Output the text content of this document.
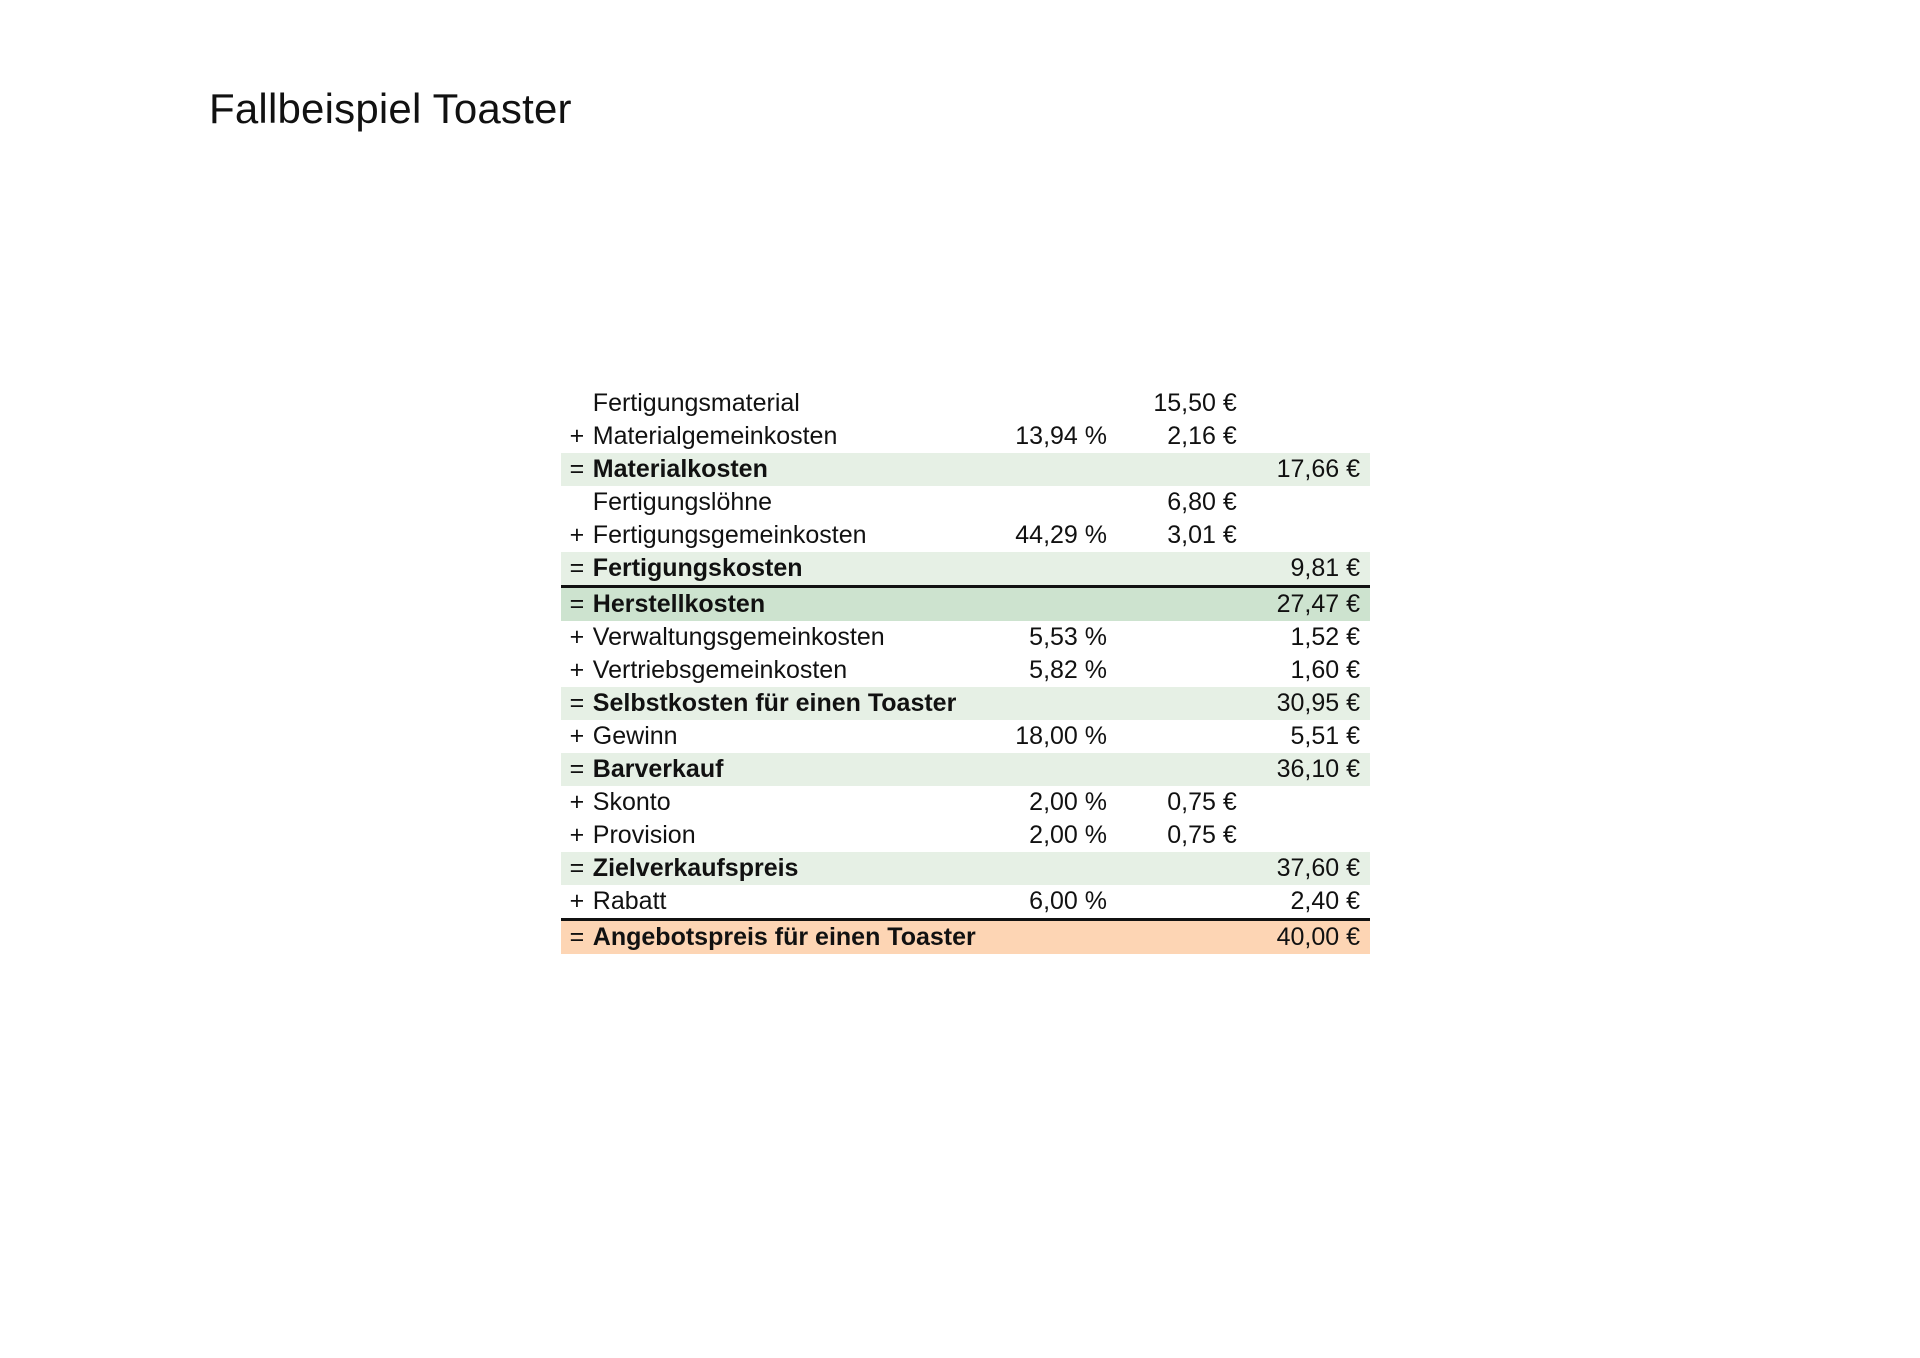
Fallbeispiel Toaster
	Fertigungsmaterial		15,50 €	
+	Materialgemeinkosten	13,94 %	2,16 €	
=	Materialkosten			17,66 €
	Fertigungslöhne		6,80 €	
+	Fertigungsgemeinkosten	44,29 %	3,01 €	
=	Fertigungskosten			9,81 €
=	Herstellkosten			27,47 €
+	Verwaltungsgemeinkosten	5,53 %		1,52 €
+	Vertriebsgemeinkosten	5,82 %		1,60 €
=	Selbstkosten für einen Toaster			30,95 €
+	Gewinn	18,00 %		5,51 €
=	Barverkauf			36,10 €
+	Skonto	2,00 %	0,75 €	
+	Provision	2,00 %	0,75 €	
=	Zielverkaufspreis			37,60 €
+	Rabatt	6,00 %		2,40 €
=	Angebotspreis für einen Toaster			40,00 €
